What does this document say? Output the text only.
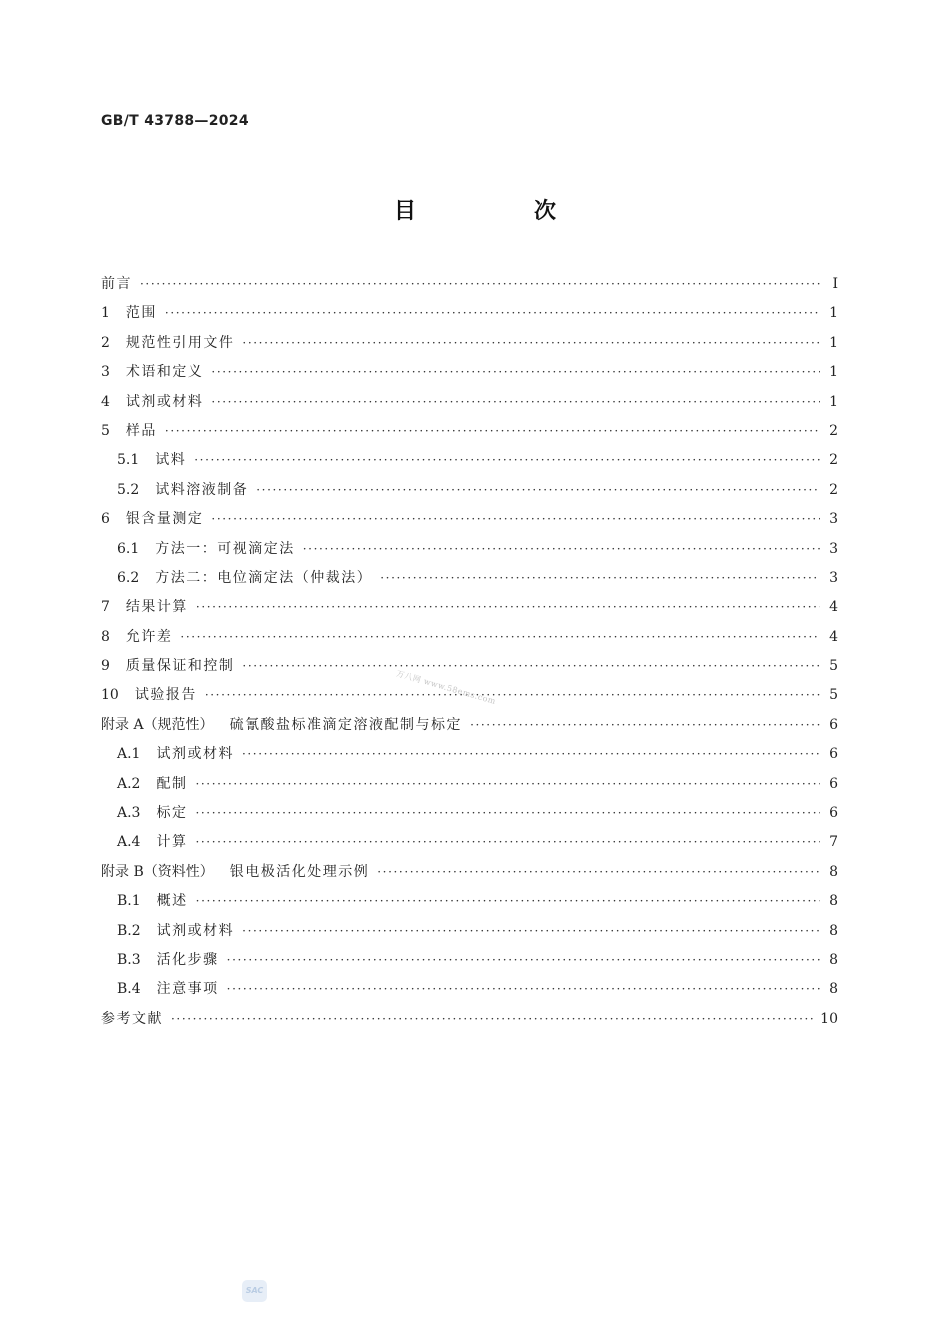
GB/T 43788—2024
目　次
前言 ·····	Ⅰ
1 范围 ·····	1
2 规范性引用文件 ·····	1
3 术语和定义 ·····	1
4 试剂或材料 ·····	1
5 样品 ·····	2
5.1 试料 ·····	2
5.2 试料溶液制备 ·····	2
6 银含量测定 ·····	3
6.1 方法一：可视滴定法 ·····	3
6.2 方法二：电位滴定法（仲裁法） ·····	3
7 结果计算 ·····	4
8 允许差 ·····	4
9 质量保证和控制 ·····	5
10 试验报告 ·····	5
附录 A（规范性） 硫氰酸盐标准滴定溶液配制与标定 ·····	6
A.1 试剂或材料 ·····	6
A.2 配制 ·····	6
A.3 标定 ·····	6
A.4 计算 ·····	7
附录 B（资料性） 银电极活化处理示例 ·····	8
B.1 概述 ·····	8
B.2 试剂或材料 ·····	8
B.3 活化步骤 ·····	8
B.4 注意事项 ·····	8
参考文献 ·····	10
万八网 www.58ems.com
SAC
